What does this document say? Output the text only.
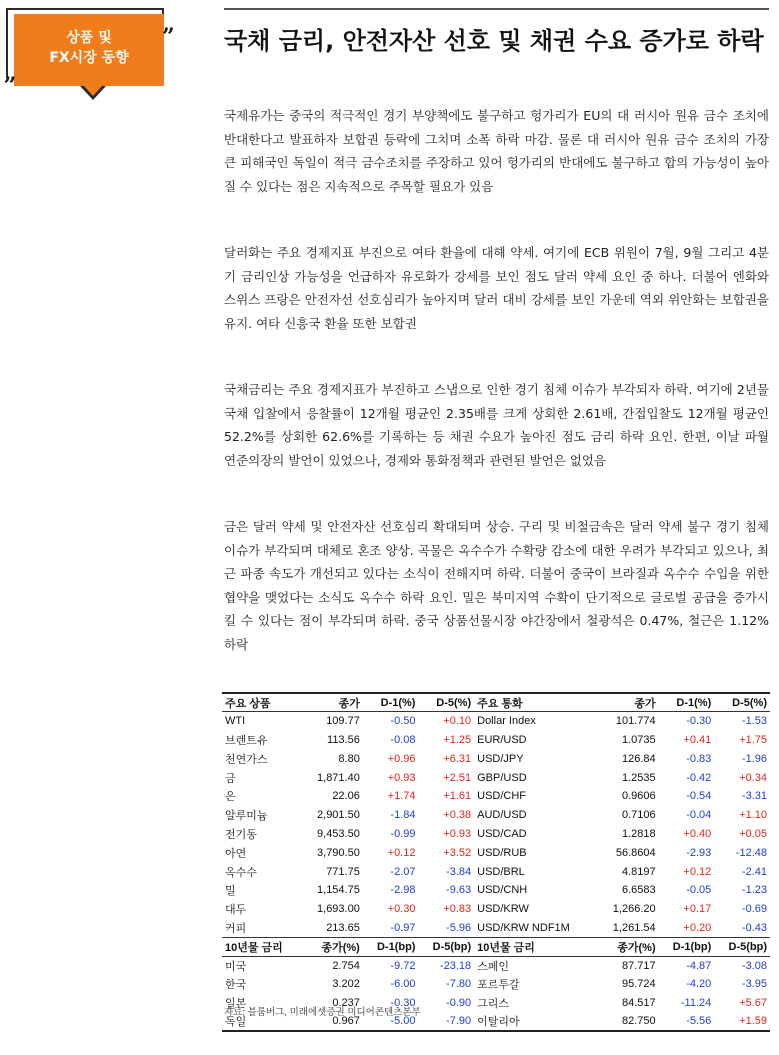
상품 및
FX시장 동향
”
„
국채 금리, 안전자산 선호 및 채권 수요 증가로 하락

국제유가는 중국의 적극적인 경기 부양책에도 불구하고 헝가리가 EU의 대 러시아 원유 금수 조치에 반대한다고 발표하자 보합권 등락에 그치며 소폭 하락 마감. 물론 대 러시아 원유 금수 조치의 가장 큰 피해국인 독일이 적극 금수조치를 주장하고 있어 헝가리의 반대에도 불구하고 합의 가능성이 높아질 수 있다는 점은 지속적으로 주목할 필요가 있음

달러화는 주요 경제지표 부진으로 여타 환율에 대해 약세. 여기에 ECB 위원이 7월, 9월 그리고 4분기 금리인상 가능성을 언급하자 유로화가 강세를 보인 점도 달러 약세 요인 중 하나. 더불어 엔화와 스위스 프랑은 안전자선 선호심리가 높아지며 달러 대비 강세를 보인 가운데 역외 위안화는 보합권을 유지. 여타 신흥국 환율 또한 보합권

국채금리는 주요 경제지표가 부진하고 스냅으로 인한 경기 침체 이슈가 부각되자 하락. 여기에 2년물 국채 입찰에서 응찰률이 12개월 평균인 2.35배를 크게 상회한 2.61배, 간접입찰도 12개월 평균인 52.2%를 상회한 62.6%를 기록하는 등 채권 수요가 높아진 점도 금리 하락 요인. 한편, 이날 파월 연준의장의 발언이 있었으나, 경제와 통화정책과 관련된 발언은 없었음

금은 달러 약세 및 안전자산 선호심리 확대되며 상승. 구리 및 비철금속은 달러 약세 불구 경기 침체 이슈가 부각되며 대체로 혼조 양상. 곡물은 옥수수가 수확량 감소에 대한 우려가 부각되고 있으나, 최근 파종 속도가 개선되고 있다는 소식이 전해지며 하락. 더불어 중국이 브라질과 옥수수 수입을 위한 협약을 맺었다는 소식도 옥수수 하락 요인. 밀은 북미지역 수확이 단기적으로 글로벌 공급을 증가시킬 수 있다는 점이 부각되며 하락. 중국 상품선물시장 야간장에서 철광석은 0.47%, 철근은 1.12% 하락

주요 상품	종가	D-1(%)	D-5(%)	주요 통화	종가	D-1(%)	D-5(%)
WTI	109.77	-0.50	+0.10	Dollar Index	101.774	-0.30	-1.53
브렌트유	113.56	-0.08	+1.25	EUR/USD	1.0735	+0.41	+1.75
천연가스	8.80	+0.96	+6.31	USD/JPY	126.84	-0.83	-1.96
금	1,871.40	+0.93	+2.51	GBP/USD	1.2535	-0.42	+0.34
은	22.06	+1.74	+1.61	USD/CHF	0.9606	-0.54	-3.31
알루미늄	2,901.50	-1.84	+0.38	AUD/USD	0.7106	-0.04	+1.10
전기동	9,453.50	-0.99	+0.93	USD/CAD	1.2818	+0.40	+0.05
아연	3,790.50	+0.12	+3.52	USD/RUB	56.8604	-2.93	-12.48
옥수수	771.75	-2.07	-3.84	USD/BRL	4.8197	+0.12	-2.41
밀	1,154.75	-2.98	-9.63	USD/CNH	6.6583	-0.05	-1.23
대두	1,693.00	+0.30	+0.83	USD/KRW	1,266.20	+0.17	-0.69
커피	213.65	-0.97	-5.96	USD/KRW NDF1M	1,261.54	+0.20	-0.43
10년물 금리	종가(%)	D-1(bp)	D-5(bp)	10년물 금리	종가(%)	D-1(bp)	D-5(bp)
미국	2.754	-9.72	-23.18	스페인	87.717	-4.87	-3.08
한국	3.202	-6.00	-7.80	포르투갈	95.724	-4.20	-3.95
일본	0.237	-0.30	-0.90	그리스	84.517	-11.24	+5.67
독일	0.967	-5.00	-7.90	이탈리아	82.750	-5.56	+1.59
자료: 블룸버그, 미래에셋증권 미디어콘텐츠본부
